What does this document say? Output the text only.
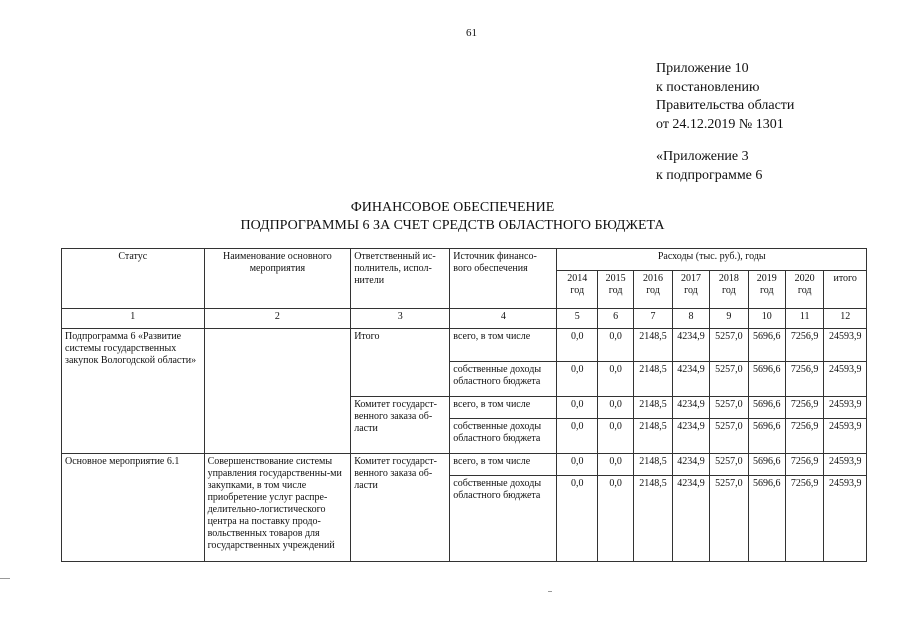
61
Приложение 10
к постановлению
Правительства области
от 24.12.2019 № 1301
«Приложение 3
к подпрограмме 6
ФИНАНСОВОЕ ОБЕСПЕЧЕНИЕ
ПОДПРОГРАММЫ 6 ЗА СЧЕТ СРЕДСТВ ОБЛАСТНОГО БЮДЖЕТА
Статус	Наименование основного мероприятия	Ответственный ис-полнитель, испол-нители	Источник финансо-вого обеспечения	Расходы (тыс. руб.), годы							
				2014 год	2015 год	2016 год	2017 год	2018 год	2019 год	2020 год	итого
1	2	3	4	5	6	7	8	9	10	11	12
Подпрограмма 6 «Развитие системы государственных закупок Вологодской области»		Итого	всего, в том числе	0,0	0,0	2148,5	4234,9	5257,0	5696,6	7256,9	24593,9
			собственные доходы областного бюджета	0,0	0,0	2148,5	4234,9	5257,0	5696,6	7256,9	24593,9
		Комитет государст-венного заказа об-ласти	всего, в том числе	0,0	0,0	2148,5	4234,9	5257,0	5696,6	7256,9	24593,9
			собственные доходы областного бюджета	0,0	0,0	2148,5	4234,9	5257,0	5696,6	7256,9	24593,9
Основное мероприятие 6.1	Совершенствование системы управления государственны-ми закупками, в том числе приобретение услуг распре-делительно-логистического центра на поставку продо-вольственных товаров для государственных учреждений	Комитет государст-венного заказа об-ласти	всего, в том числе	0,0	0,0	2148,5	4234,9	5257,0	5696,6	7256,9	24593,9
			собственные доходы областного бюджета	0,0	0,0	2148,5	4234,9	5257,0	5696,6	7256,9	24593,9
